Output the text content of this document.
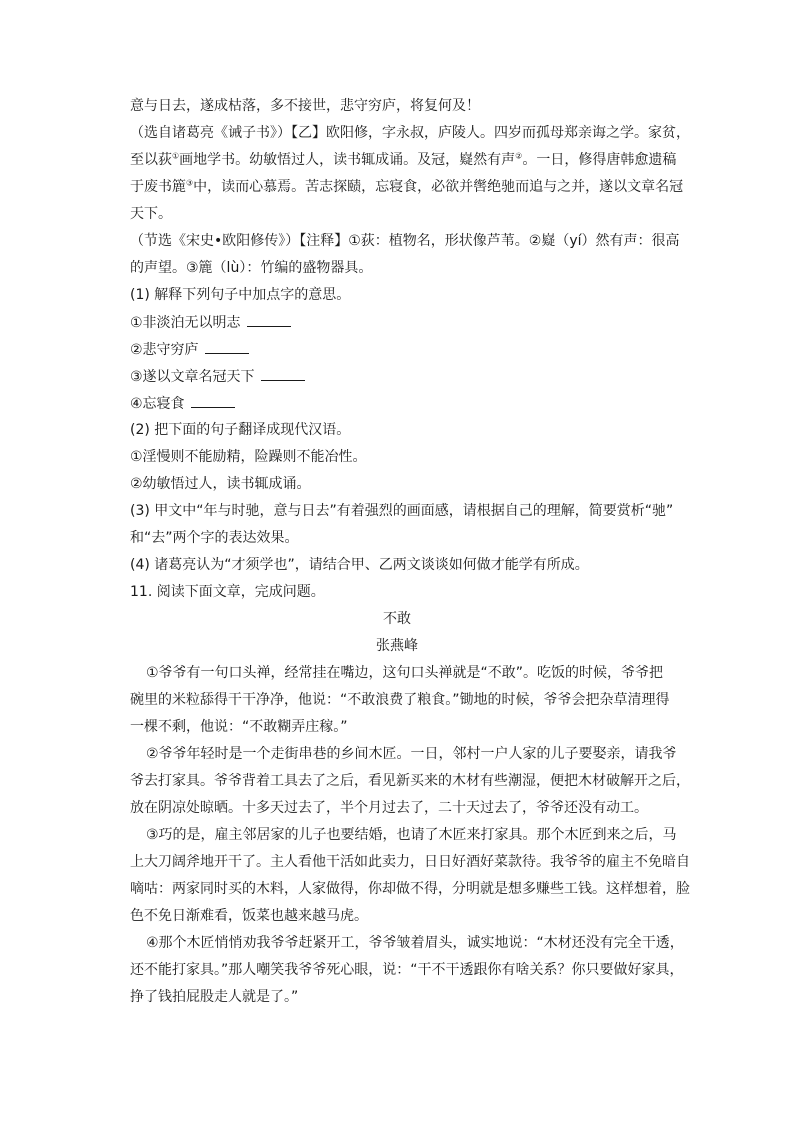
意与日去，遂成枯落，多不接世，悲守穷庐，将复何及！

（选自诸葛亮《诫子书》）【乙】欧阳修，字永叔，庐陵人。四岁而孤母郑亲诲之学。家贫，

至以荻①画地学书。幼敏悟过人，读书辄成诵。及冠，嶷然有声②。一日，修得唐韩愈遗稿

于废书簏③中，读而心慕焉。苦志探赜，忘寝食，必欲并辔绝驰而追与之并，遂以文章名冠

天下。

（节选《宋史•欧阳修传》）【注释】①荻：植物名，形状像芦苇。②嶷（yí）然有声：很高

的声望。③簏（lù）：竹编的盛物器具。

(1) 解释下列句子中加点字的意思。

①非淡泊无以明志

②悲守穷庐

③遂以文章名冠天下

④忘寝食

(2) 把下面的句子翻译成现代汉语。

①淫慢则不能励精，险躁则不能冶性。

②幼敏悟过人，读书辄成诵。

(3) 甲文中“年与时驰，意与日去”有着强烈的画面感，请根据自己的理解，简要赏析“驰”

和“去”两个字的表达效果。

(4) 诸葛亮认为“才须学也”，请结合甲、乙两文谈谈如何做才能学有所成。

11. 阅读下面文章，完成问题。

不敢

张燕峰

①爷爷有一句口头禅，经常挂在嘴边，这句口头禅就是“不敢”。吃饭的时候，爷爷把

碗里的米粒舔得干干净净，他说：“不敢浪费了粮食。”锄地的时候，爷爷会把杂草清理得

一棵不剩，他说：“不敢糊弄庄稼。”

②爷爷年轻时是一个走街串巷的乡间木匠。一日，邻村一户人家的儿子要娶亲，请我爷

爷去打家具。爷爷背着工具去了之后，看见新买来的木材有些潮湿，便把木材破解开之后，

放在阴凉处晾晒。十多天过去了，半个月过去了，二十天过去了，爷爷还没有动工。

③巧的是，雇主邻居家的儿子也要结婚，也请了木匠来打家具。那个木匠到来之后，马

上大刀阔斧地开干了。主人看他干活如此卖力，日日好酒好菜款待。我爷爷的雇主不免暗自

嘀咕：两家同时买的木料，人家做得，你却做不得，分明就是想多赚些工钱。这样想着，脸

色不免日渐难看，饭菜也越来越马虎。

④那个木匠悄悄劝我爷爷赶紧开工，爷爷皱着眉头，诚实地说：“木材还没有完全干透，

还不能打家具。”那人嘲笑我爷爷死心眼，说：“干不干透跟你有啥关系？你只要做好家具，

挣了钱拍屁股走人就是了。”
